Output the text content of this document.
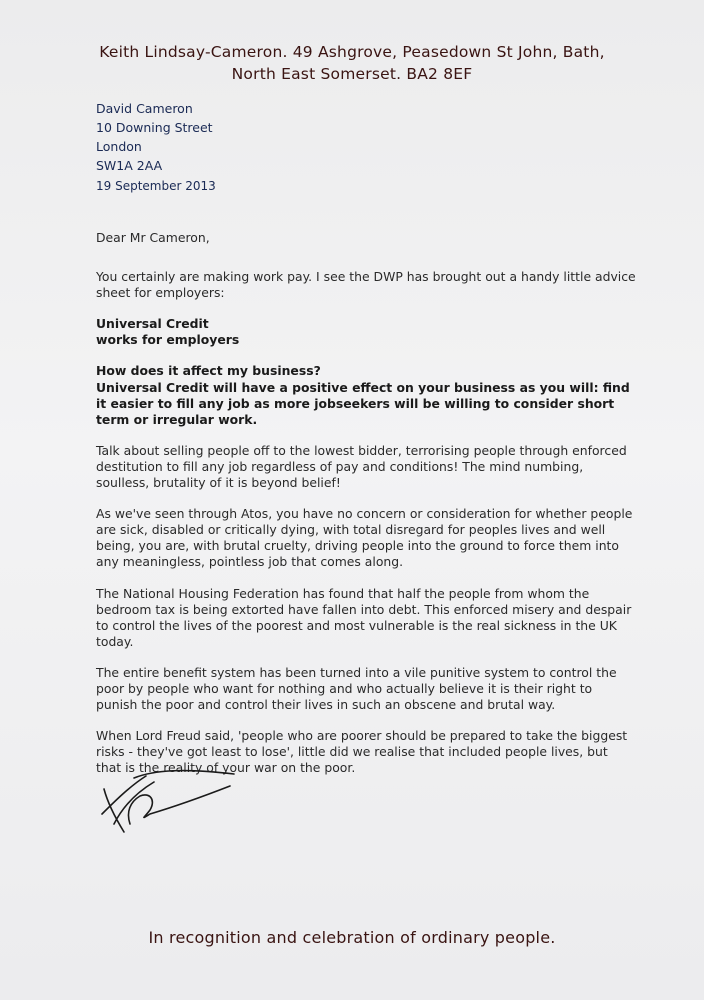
Keith Lindsay-Cameron. 49 Ashgrove, Peasedown St John, Bath,
North East Somerset. BA2 8EF
David Cameron
10 Downing Street
London
SW1A 2AA
19 September 2013

Dear Mr Cameron,

You certainly are making work pay. I see the DWP has brought out a handy little advice sheet for employers:

Universal Credit

works for employers

How does it affect my business?

Universal Credit will have a positive effect on your business as you will: find it easier to fill any job as more jobseekers will be willing to consider short term or irregular work.

Talk about selling people off to the lowest bidder, terrorising people through enforced destitution to fill any job regardless of pay and conditions! The mind numbing, soulless, brutality of it is beyond belief!

As we've seen through Atos, you have no concern or consideration for whether people are sick, disabled or critically dying, with total disregard for peoples lives and well being, you are, with brutal cruelty, driving people into the ground to force them into any meaningless, pointless job that comes along.

The National Housing Federation has found that half the people from whom the bedroom tax is being extorted have fallen into debt. This enforced misery and despair to control the lives of the poorest and most vulnerable is the real sickness in the UK today.

The entire benefit system has been turned into a vile punitive system to control the poor by people who want for nothing and who actually believe it is their right to punish the poor and control their lives in such an obscene and brutal way.

When Lord Freud said, 'people who are poorer should be prepared to take the biggest risks - they've got least to lose', little did we realise that included people lives, but that is the reality of your war on the poor.

In recognition and celebration of ordinary people.
